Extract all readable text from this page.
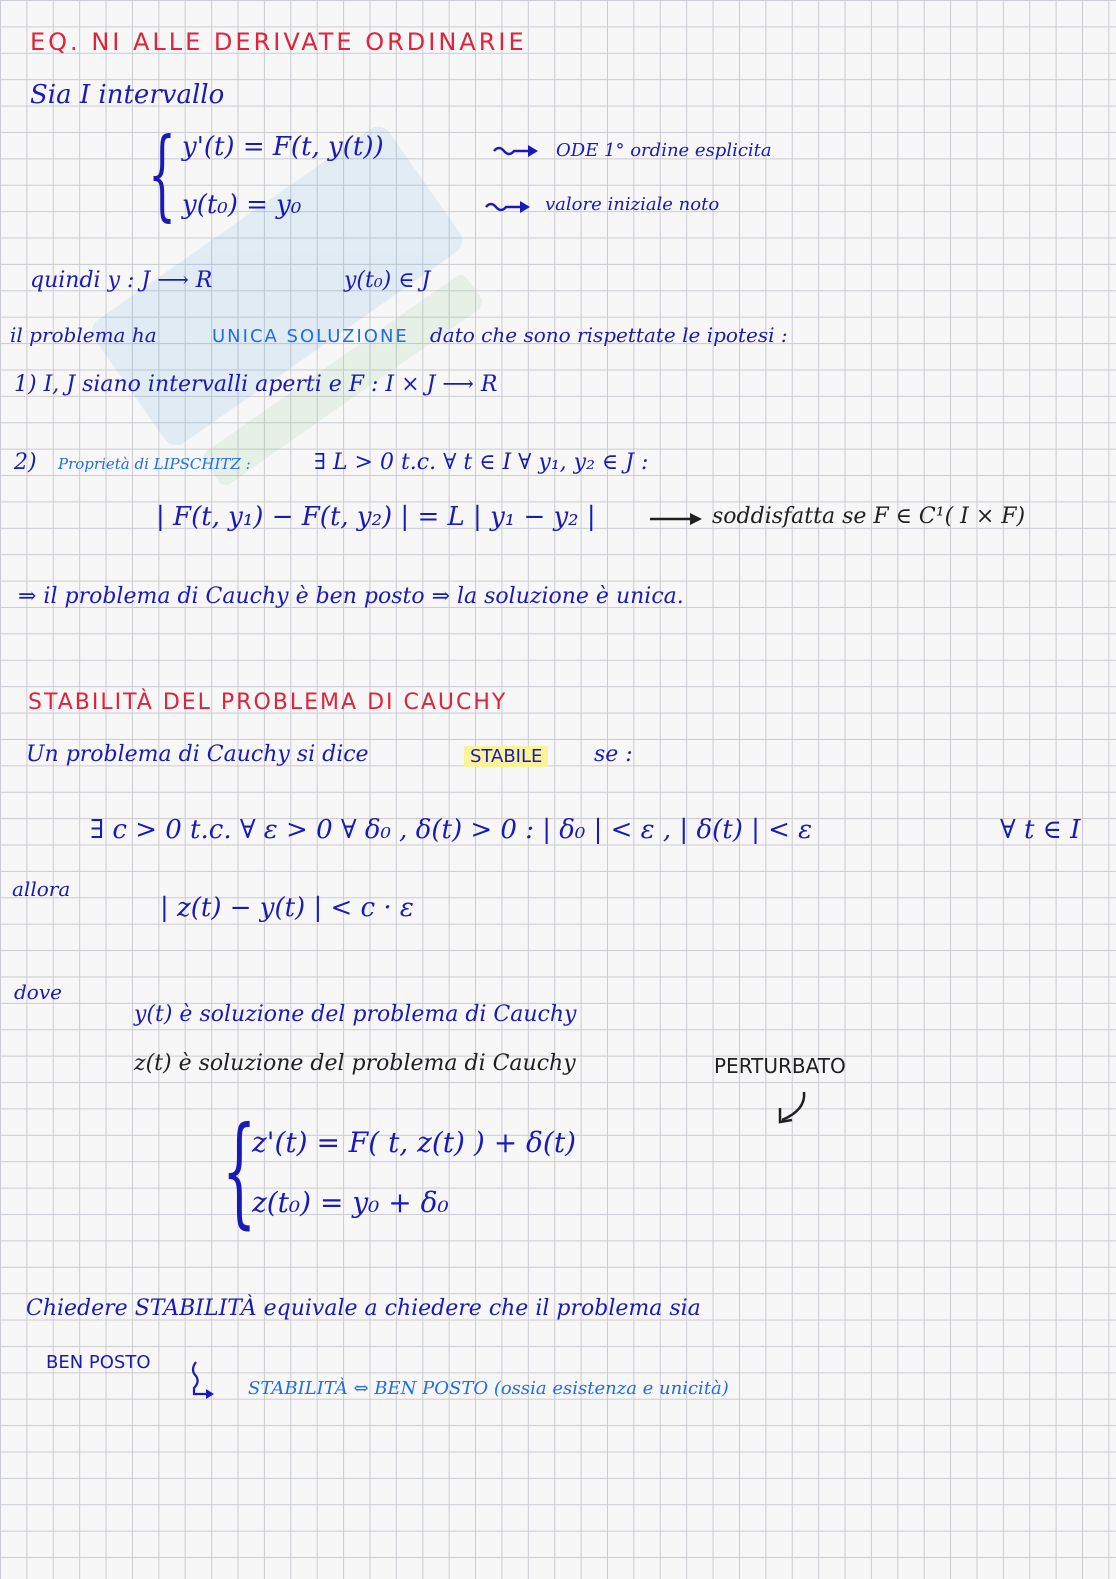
EQ. NI ALLE DERIVATE ORDINARIE
Sia I intervallo
{ y'(t) = F(t, y(t))
y(t₀) = y₀
ODE 1° ordine esplicita
valore iniziale noto
quindi y : J ⟶ R	y(t₀) ∈ J
il problema ha	UNICA SOLUZIONE dato che sono rispettate le ipotesi :
1) I, J siano intervalli aperti e F : I × J ⟶ R
2) Proprietà di LIPSCHITZ :	∃ L > 0 t.c. ∀ t ∈ I ∀ y₁, y₂ ∈ J :
| F(t, y₁) − F(t, y₂) | = L | y₁ − y₂ |	soddisfatta se F ∈ C¹( I × F)
⇒ il problema di Cauchy è ben posto ⇒ la soluzione è unica.
STABILITÀ DEL PROBLEMA DI CAUCHY
Un problema di Cauchy si dice	STABILE se :
∃ c > 0 t.c. ∀ ε > 0 ∀ δ₀ , δ(t) > 0 : | δ₀ | < ε , | δ(t) | < ε	∀ t ∈ I
allora
| z(t) − y(t) | < c · ε
dove
y(t) è soluzione del problema di Cauchy
z(t) è soluzione del problema di Cauchy	PERTURBATO
{
z'(t) = F( t, z(t) ) + δ(t)
z(t₀) = y₀ + δ₀
Chiedere STABILITÀ equivale a chiedere che il problema sia
BEN POSTO
STABILITÀ ⇔ BEN POSTO (ossia esistenza e unicità)
